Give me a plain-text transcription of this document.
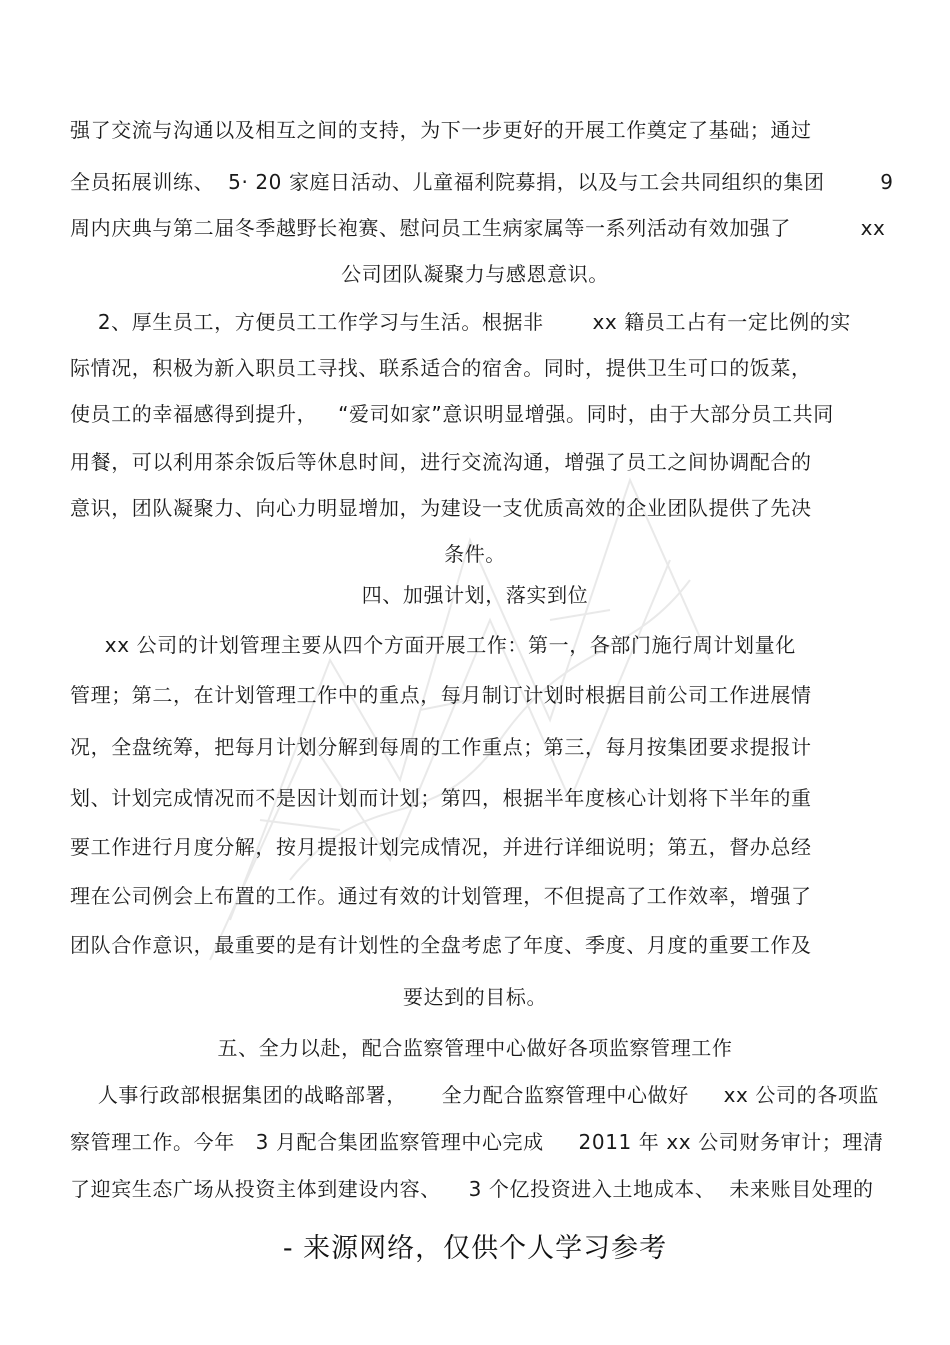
强了交流与沟通以及相互之间的支持，为下一步更好的开展工作奠定了基础；通过
全员拓展训练、  5· 20 家庭日活动、儿童福利院募捐，以及与工会共同组织的集团        9
周内庆典与第二届冬季越野长袍赛、慰问员工生病家属等一系列活动有效加强了          xx
公司团队凝聚力与感恩意识。
2、厚生员工，方便员工工作学习与生活。根据非       xx 籍员工占有一定比例的实
际情况，积极为新入职员工寻找、联系适合的宿舍。同时，提供卫生可口的饭菜，
使员工的幸福感得到提升，   “爱司如家”意识明显增强。同时，由于大部分员工共同
用餐，可以利用茶余饭后等休息时间，进行交流沟通，增强了员工之间协调配合的
意识，团队凝聚力、向心力明显增加，为建设一支优质高效的企业团队提供了先决
条件。
四、加强计划，落实到位
xx 公司的计划管理主要从四个方面开展工作：第一，各部门施行周计划量化
管理；第二，在计划管理工作中的重点，每月制订计划时根据目前公司工作进展情
况，全盘统筹，把每月计划分解到每周的工作重点；第三，每月按集团要求提报计
划、计划完成情况而不是因计划而计划；第四，根据半年度核心计划将下半年的重
要工作进行月度分解，按月提报计划完成情况，并进行详细说明；第五，督办总经
理在公司例会上布置的工作。通过有效的计划管理，不但提高了工作效率，增强了
团队合作意识，最重要的是有计划性的全盘考虑了年度、季度、月度的重要工作及
要达到的目标。
五、全力以赴，配合监察管理中心做好各项监察管理工作
人事行政部根据集团的战略部署，     全力配合监察管理中心做好     xx 公司的各项监
察管理工作。今年   3 月配合集团监察管理中心完成     2011 年 xx 公司财务审计；理清
了迎宾生态广场从投资主体到建设内容、    3 个亿投资进入土地成本、  未来账目处理的
- 来源网络，仅供个人学习参考
